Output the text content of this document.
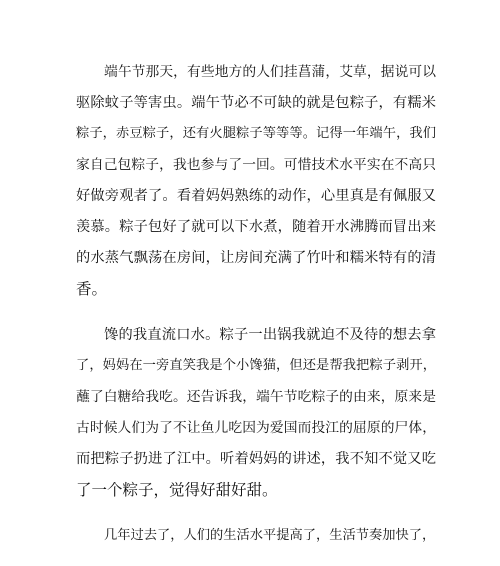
端午节那天，有些地方的人们挂菖蒲，艾草，据说可以
驱除蚊子等害虫。端午节必不可缺的就是包粽子，有糯米
粽子，赤豆粽子，还有火腿粽子等等等。记得一年端午，我们
家自己包粽子，我也参与了一回。可惜技术水平实在不高只
好做旁观者了。看着妈妈熟练的动作，心里真是有佩服又
羡慕。粽子包好了就可以下水煮，随着开水沸腾而冒出来
的水蒸气飘荡在房间，让房间充满了竹叶和糯米特有的清
香。
馋的我直流口水。粽子一出锅我就迫不及待的想去拿
了，妈妈在一旁直笑我是个小馋猫，但还是帮我把粽子剥开，
蘸了白糖给我吃。还告诉我，端午节吃粽子的由来，原来是
古时候人们为了不让鱼儿吃因为爱国而投江的屈原的尸体，
而把粽子扔进了江中。听着妈妈的讲述，我不知不觉又吃
了一个粽子，觉得好甜好甜。
几年过去了，人们的生活水平提高了，生活节奏加快了，
